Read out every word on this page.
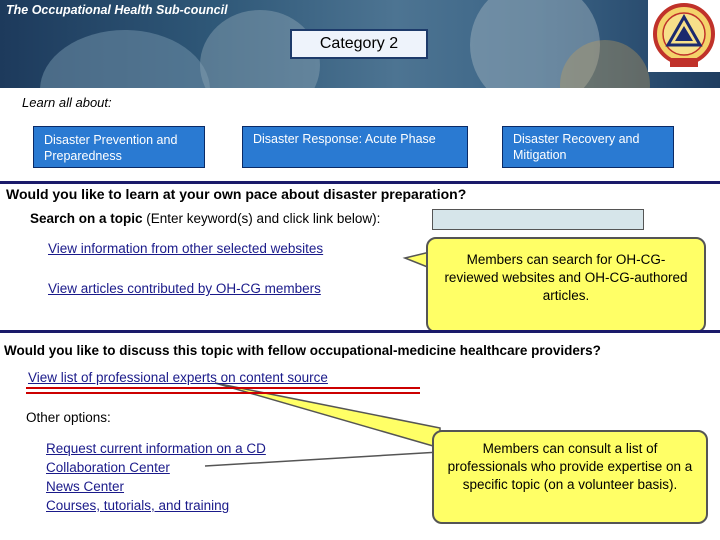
The Occupational Health Sub-council
Category 2
Learn all about:
Disaster Prevention and Preparedness
Disaster Response: Acute Phase	Disaster Recovery and Mitigation
Would you like to learn at your own pace about disaster preparation?
Search on a topic (Enter keyword(s) and click link below):
View information from other selected websites
View articles contributed by OH-CG members
Members can search for OH-CG-reviewed websites and OH-CG-authored articles.
Would you like to discuss this topic with fellow occupational-medicine healthcare providers?
View list of professional experts on content source
Other options:
Request current information on a CD
Collaboration Center
News Center
Courses, tutorials, and training
Members can consult a list of professionals who provide expertise on a specific topic (on a volunteer basis).
